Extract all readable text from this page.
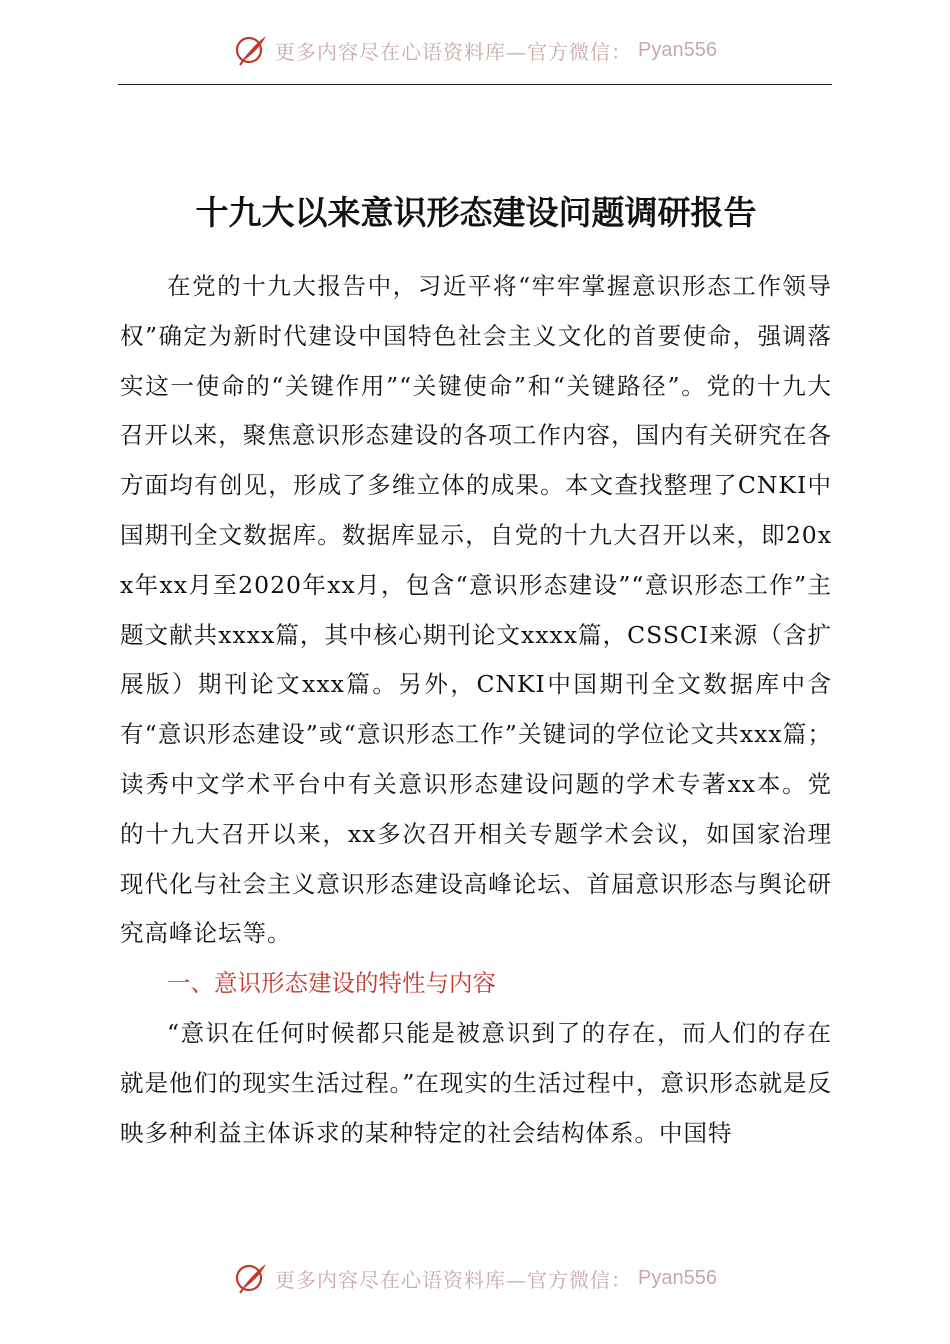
更多内容尽在心语资料库—官方微信： Pyan556
十九大以来意识形态建设问题调研报告

在党的十九大报告中，习近平将“牢牢掌握意识形态工作领导权”确定为新时代建设中国特色社会主义文化的首要使命，强调落实这一使命的“关键作用”“关键使命”和“关键路径”。党的十九大召开以来，聚焦意识形态建设的各项工作内容，国内有关研究在各方面均有创见，形成了多维立体的成果。本文查找整理了CNKI中国期刊全文数据库。数据库显示，自党的十九大召开以来，即20xx年xx月至2020年xx月，包含“意识形态建设”“意识形态工作”主题文献共xxxx篇，其中核心期刊论文xxxx篇，CSSCI来源（含扩展版）期刊论文xxx篇。另外，CNKI中国期刊全文数据库中含有“意识形态建设”或“意识形态工作”关键词的学位论文共xxx篇；读秀中文学术平台中有关意识形态建设问题的学术专著xx本。党的十九大召开以来，xx多次召开相关专题学术会议，如国家治理现代化与社会主义意识形态建设高峰论坛、首届意识形态与舆论研究高峰论坛等。

一、意识形态建设的特性与内容

“意识在任何时候都只能是被意识到了的存在，而人们的存在就是他们的现实生活过程。”在现实的生活过程中，意识形态就是反映多种利益主体诉求的某种特定的社会结构体系。中国特

更多内容尽在心语资料库—官方微信： Pyan556
